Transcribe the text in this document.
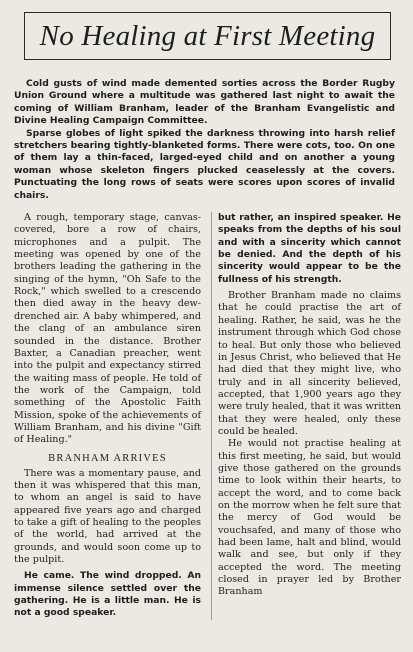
No Healing at First Meeting

Cold gusts of wind made demented sorties across the Border Rugby Union Ground where a multitude was gathered last night to await the coming of William Branham, leader of the Branham Evangelistic and Divine Healing Campaign Committee.

Sparse globes of light spiked the darkness throwing into harsh relief stretchers bearing tightly-blanketed forms. There were cots, too. On one of them lay a thin-faced, larged-eyed child and on another a young woman whose skeleton fingers plucked ceaselessly at the covers. Punctuating the long rows of seats were scores upon scores of invalid chairs.

A rough, temporary stage, canvas-covered, bore a row of chairs, microphones and a pulpit. The meeting was opened by one of the brothers leading the gathering in the singing of the hymn, "Oh Safe to the Rock," which swelled to a crescendo then died away in the heavy dew-drenched air. A baby whimpered, and the clang of an ambulance siren sounded in the distance. Brother Baxter, a Canadian preacher, went into the pulpit and expectancy stirred the waiting mass of people. He told of the work of the Campaign, told something of the Apostolic Faith Mission, spoke of the achievements of William Branham, and his divine "Gift of Healing."

BRANHAM ARRIVES

There was a momentary pause, and then it was whispered that this man, to whom an angel is said to have appeared five years ago and charged to take a gift of healing to the peoples of the world, had arrived at the grounds, and would soon come up to the pulpit.

He came. The wind dropped. An immense silence settled over the gathering. He is a little man. He is not a good speaker.

but rather, an inspired speaker. He speaks from the depths of his soul and with a sincerity which cannot be denied. And the depth of his sincerity would appear to be the fullness of his strength.

Brother Branham made no claims that he could practise the art of healing. Rather, he said, was he the instrument through which God chose to heal. But only those who believed in Jesus Christ, who believed that He had died that they might live, who truly and in all sincerity believed, accepted, that 1,900 years ago they were truly healed, that it was written that they were healed, only these could be healed.

He would not practise healing at this first meeting, he said, but would give those gathered on the grounds time to look within their hearts, to accept the word, and to come back on the morrow when he felt sure that the mercy of God would be vouchsafed, and many of those who had been lame, halt and blind, would walk and see, but only if they accepted the word. The meeting closed in prayer led by Brother Branham
